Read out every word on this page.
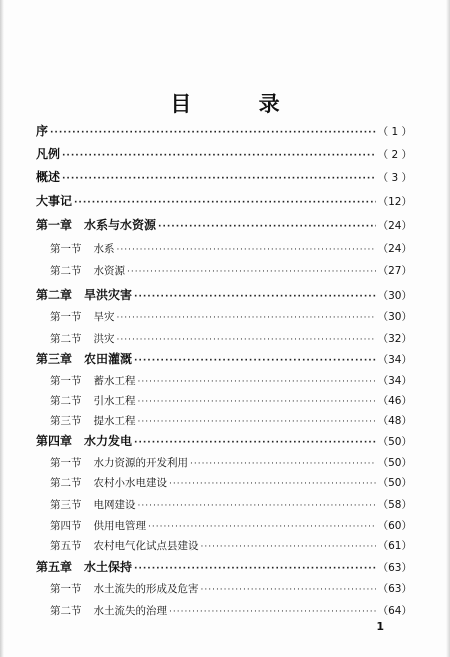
目 录
序 ·····	（ 1 ）
凡例 ·····	（ 2 ）
概述 ·····	（ 3 ）
大事记 ·····	（12）
第一章 水系与水资源 ·····	（24）
第一节 水系 ·····	（24）
第二节 水资源 ·····	（27）
第二章 旱洪灾害 ·····	（30）
第一节 旱灾 ·····	（30）
第二节 洪灾 ·····	（32）
第三章 农田灌溉 ·····	（34）
第一节 蓄水工程 ·····	（34）
第二节 引水工程 ·····	（46）
第三节 提水工程 ·····	（48）
第四章 水力发电 ·····	（50）
第一节 水力资源的开发利用 ·····	（50）
第二节 农村小水电建设 ·····	（50）
第三节 电网建设 ·····	（58）
第四节 供用电管理 ·····	（60）
第五节 农村电气化试点县建设 ·····	（61）
第五章 水土保持 ·····	（63）
第一节 水土流失的形成及危害 ·····	（63）
第二节 水土流失的治理 ·····	（64）
1
